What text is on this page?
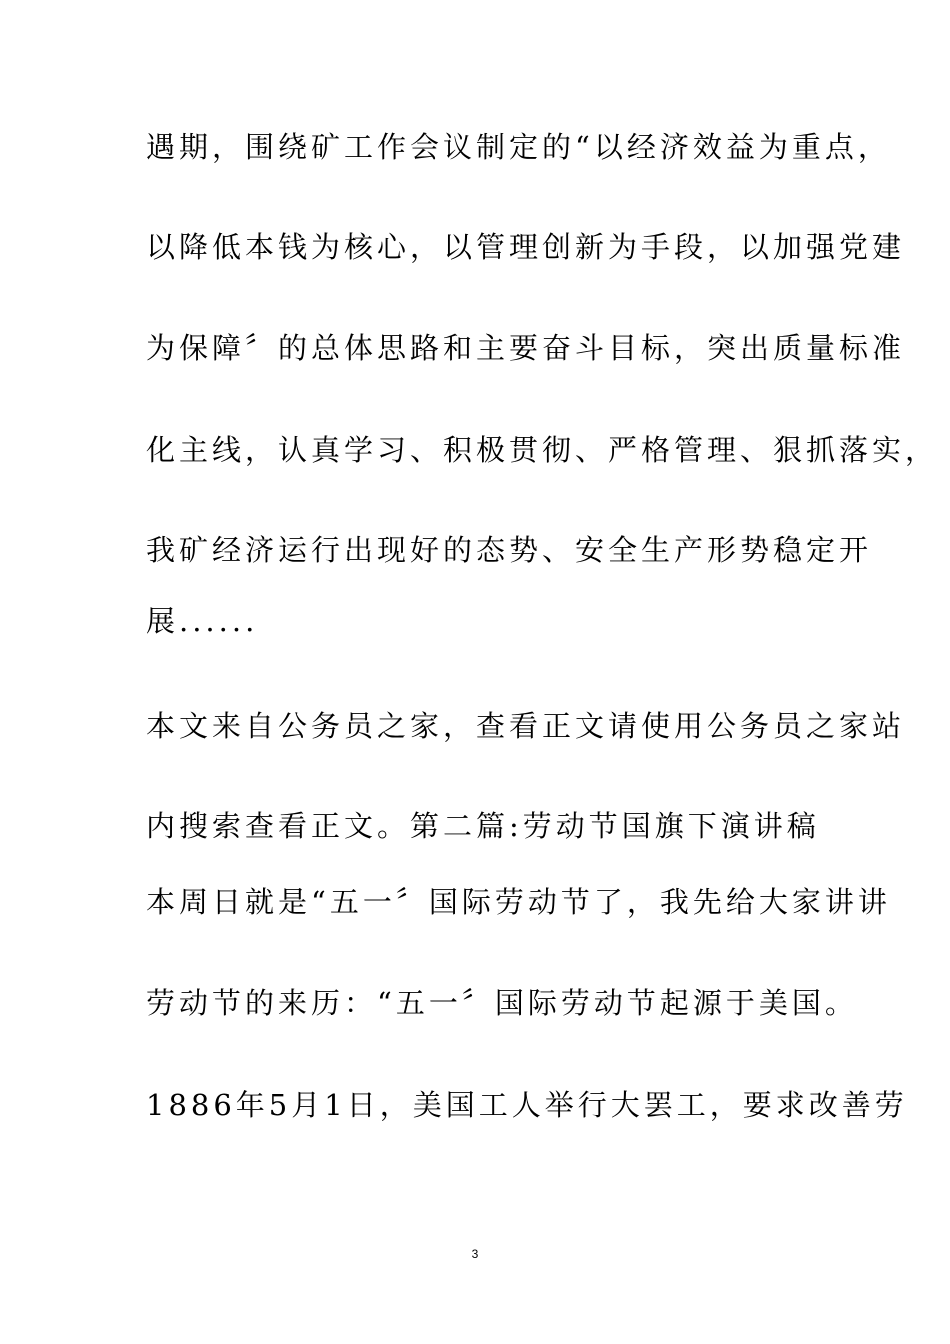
遇期，围绕矿工作会议制定的“以经济效益为重点，

以降低本钱为核心，以管理创新为手段，以加强党建

为保障〞的总体思路和主要奋斗目标，突出质量标准

化主线，认真学习、积极贯彻、严格管理、狠抓落实，

我矿经济运行出现好的态势、安全生产形势稳定开

展......

本文来自公务员之家，查看正文请使用公务员之家站

内搜索查看正文。第二篇:劳动节国旗下演讲稿

本周日就是“五一〞国际劳动节了，我先给大家讲讲

劳动节的来历：“五一〞国际劳动节起源于美国。

1886年5月1日，美国工人举行大罢工，要求改善劳

3
